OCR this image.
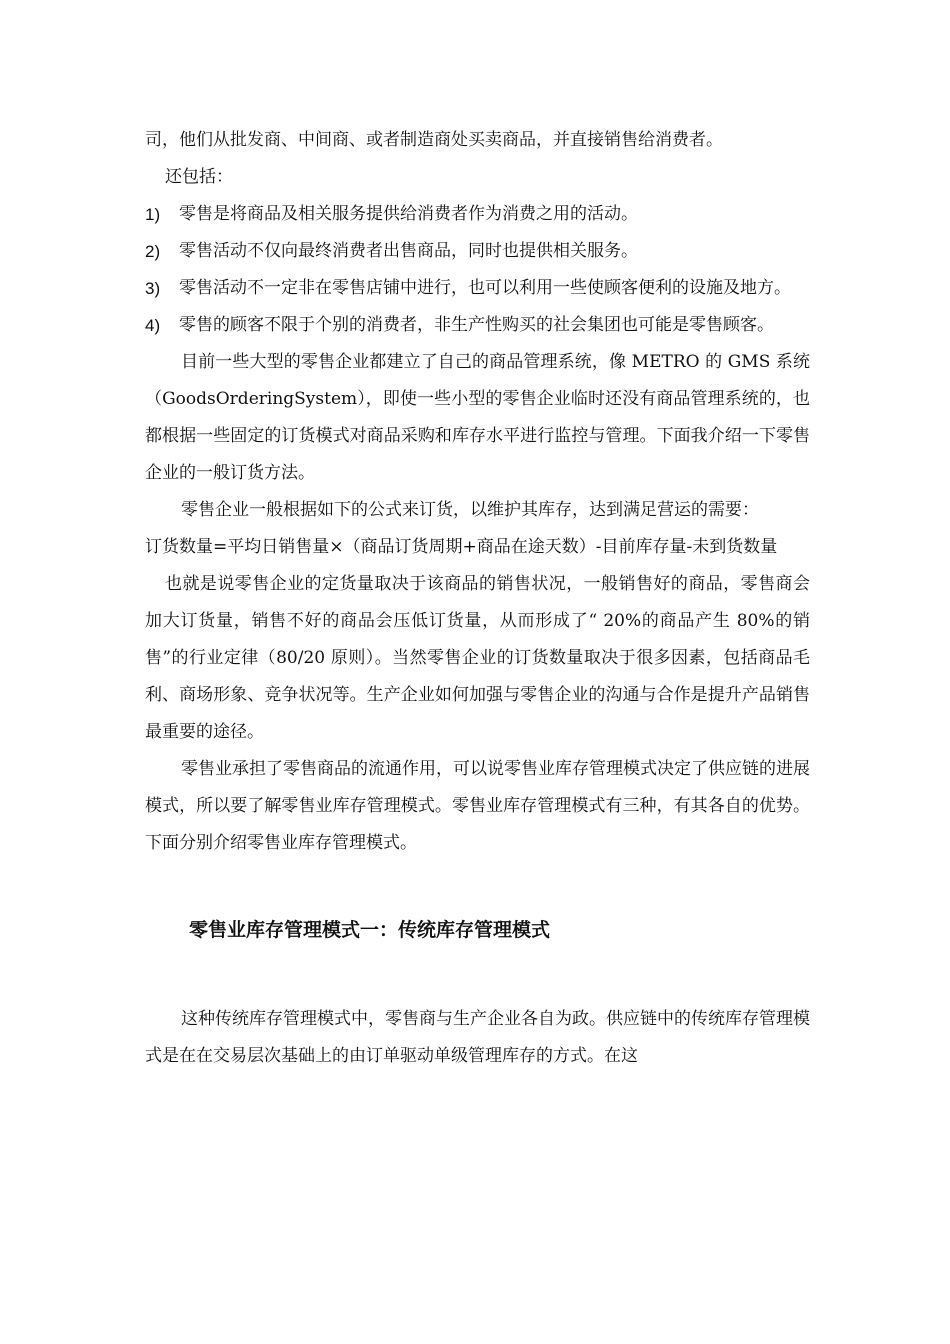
司，他们从批发商、中间商、或者制造商处买卖商品，并直接销售给消费者。

还包括：

1) 零售是将商品及相关服务提供给消费者作为消费之用的活动。
2) 零售活动不仅向最终消费者出售商品，同时也提供相关服务。
3) 零售活动不一定非在零售店铺中进行，也可以利用一些使顾客便利的设施及地方。
4) 零售的顾客不限于个别的消费者，非生产性购买的社会集团也可能是零售顾客。

目前一些大型的零售企业都建立了自己的商品管理系统，像 METRO 的 GMS 系统（GoodsOrderingSystem），即使一些小型的零售企业临时还没有商品管理系统的，也都根据一些固定的订货模式对商品采购和库存水平进行监控与管理。下面我介绍一下零售企业的一般订货方法。

零售企业一般根据如下的公式来订货，以维护其库存，达到满足营运的需要：

订货数量=平均日销售量×（商品订货周期+商品在途天数）-目前库存量-未到货数量

也就是说零售企业的定货量取决于该商品的销售状况，一般销售好的商品，零售商会加大订货量，销售不好的商品会压低订货量，从而形成了“ 20%的商品产生 80%的销售”的行业定律（80/20 原则）。当然零售企业的订货数量取决于很多因素，包括商品毛利、商场形象、竞争状况等。生产企业如何加强与零售企业的沟通与合作是提升产品销售最重要的途径。

零售业承担了零售商品的流通作用，可以说零售业库存管理模式决定了供应链的进展模式，所以要了解零售业库存管理模式。零售业库存管理模式有三种，有其各自的优势。下面分别介绍零售业库存管理模式。

零售业库存管理模式一：传统库存管理模式

这种传统库存管理模式中，零售商与生产企业各自为政。供应链中的传统库存管理模式是在在交易层次基础上的由订单驱动单级管理库存的方式。在这
